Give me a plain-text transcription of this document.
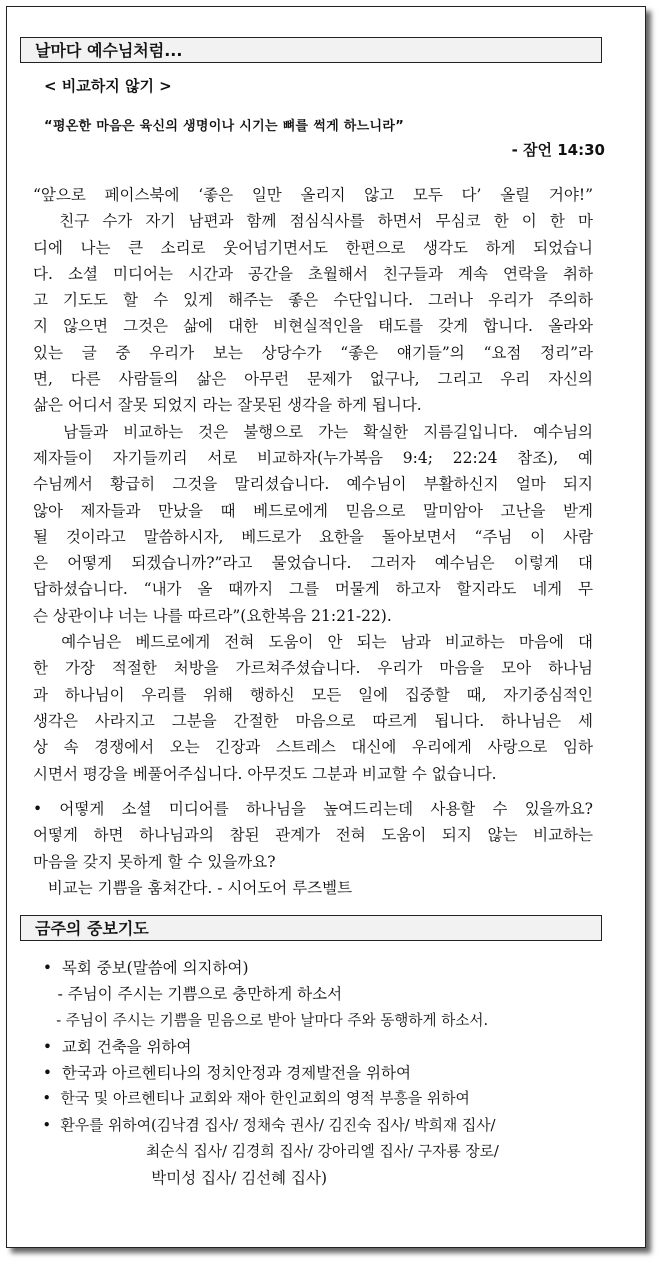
날마다 예수님처럼...
< 비교하지 않기 >
“평온한 마음은 육신의 생명이나 시기는 뼈를 썩게 하느니라”
- 잠언 14:30
“앞으로 페이스북에 ‘좋은 일만 올리지 않고 모두 다’ 올릴 거야!”
친구 수가 자기 남편과 함께 점심식사를 하면서 무심코 한 이 한 마
디에 나는 큰 소리로 웃어넘기면서도 한편으로 생각도 하게 되었습니
다. 소셜 미디어는 시간과 공간을 초월해서 친구들과 계속 연락을 취하
고 기도도 할 수 있게 해주는 좋은 수단입니다. 그러나 우리가 주의하
지 않으면 그것은 삶에 대한 비현실적인을 태도를 갖게 합니다. 올라와
있는 글 중 우리가 보는 상당수가 “좋은 얘기들”의 “요점 정리”라
면, 다른 사람들의 삶은 아무런 문제가 없구나, 그리고 우리 자신의
삶은 어디서 잘못 되었지 라는 잘못된 생각을 하게 됩니다.
남들과 비교하는 것은 불행으로 가는 확실한 지름길입니다. 예수님의
제자들이 자기들끼리 서로 비교하자(누가복음 9:4; 22:24 참조), 예
수님께서 황급히 그것을 말리셨습니다. 예수님이 부활하신지 얼마 되지
않아 제자들과 만났을 때 베드로에게 믿음으로 말미암아 고난을 받게
될 것이라고 말씀하시자, 베드로가 요한을 돌아보면서 “주님 이 사람
은 어떻게 되겠습니까?”라고 물었습니다. 그러자 예수님은 이렇게 대
답하셨습니다. “내가 올 때까지 그를 머물게 하고자 할지라도 네게 무
슨 상관이냐 너는 나를 따르라”(요한복음 21:21-22).
예수님은 베드로에게 전혀 도움이 안 되는 남과 비교하는 마음에 대
한 가장 적절한 처방을 가르쳐주셨습니다. 우리가 마음을 모아 하나님
과 하나님이 우리를 위해 행하신 모든 일에 집중할 때, 자기중심적인
생각은 사라지고 그분을 간절한 마음으로 따르게 됩니다. 하나님은 세
상 속 경쟁에서 오는 긴장과 스트레스 대신에 우리에게 사랑으로 임하
시면서 평강을 베풀어주십니다. 아무것도 그분과 비교할 수 없습니다.
• 어떻게 소셜 미디어를 하나님을 높여드리는데 사용할 수 있을까요?
어떻게 하면 하나님과의 참된 관계가 전혀 도움이 되지 않는 비교하는
마음을 갖지 못하게 할 수 있을까요?
비교는 기쁨을 훔쳐간다. - 시어도어 루즈벨트
금주의 중보기도
•  목회 중보(말씀에 의지하여)
- 주님이 주시는 기쁨으로 충만하게 하소서
- 주님이 주시는 기쁨을 믿음으로 받아 날마다 주와 동행하게 하소서.
•  교회 건축을 위하여
•  한국과 아르헨티나의 정치안정과 경제발전을 위하여
•  한국 및 아르헨티나 교회와 재아 한인교회의 영적 부흥을 위하여
•  환우를 위하여(김낙겸 집사/ 정채숙 권사/ 김진숙 집사/ 박희재 집사/
최순식 집사/ 김경희 집사/ 강아리엘 집사/ 구자룡 장로/
박미성 집사/ 김선혜 집사)
